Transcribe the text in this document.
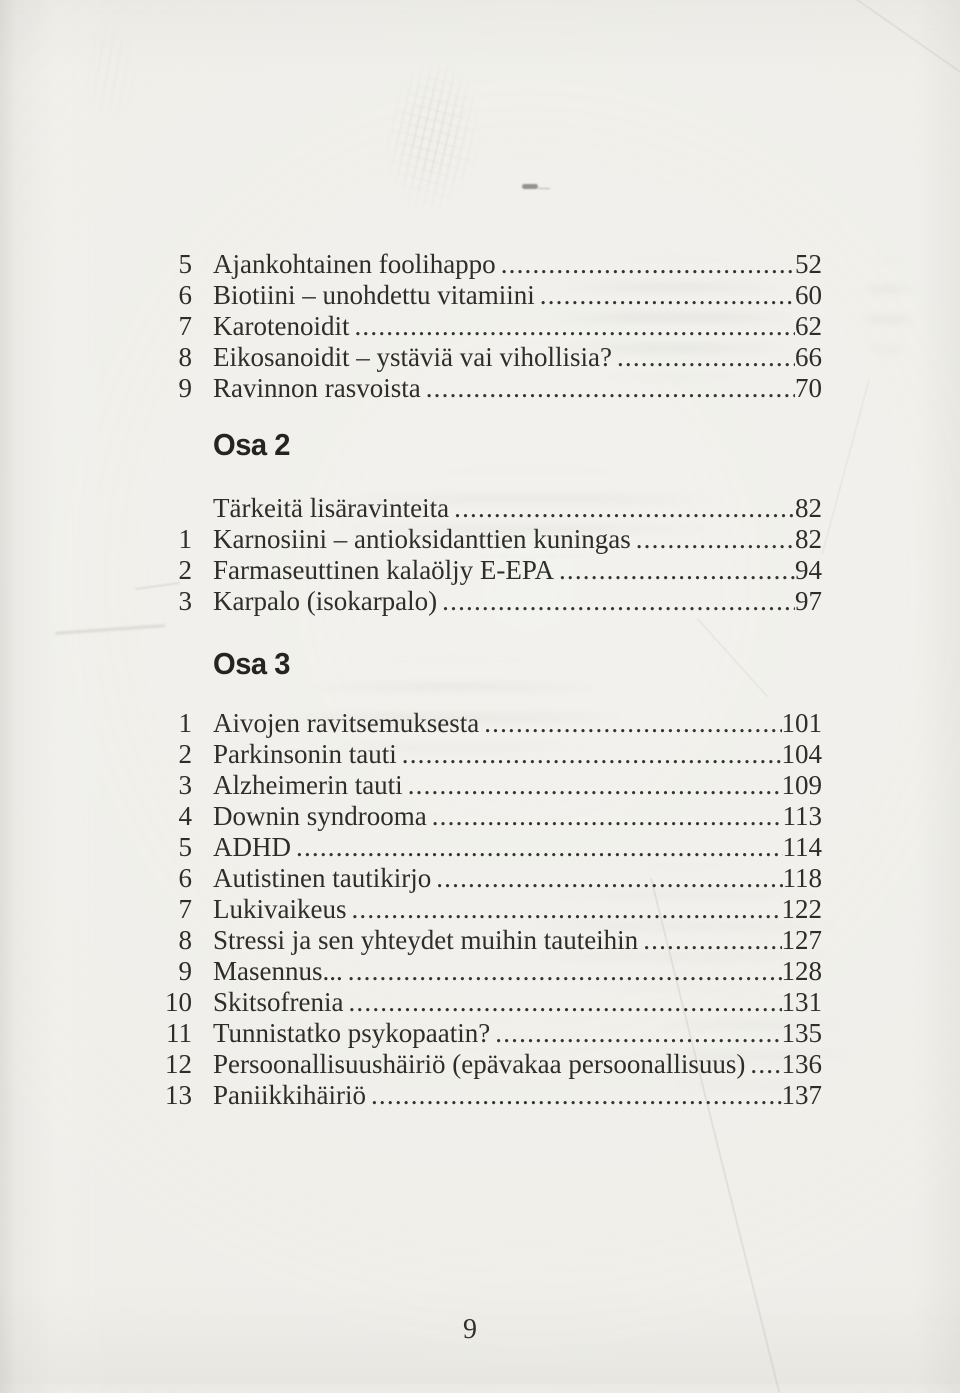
5 Ajankohtainen foolihappo .....	52
6 Biotiini – unohdettu vitamiini .....	60
7 Karotenoidit .....	62
8 Eikosanoidit – ystäviä vai vihollisia? .....	66
9 Ravinnon rasvoista .....	70
Osa 2
Tärkeitä lisäravinteita .....	82
1 Karnosiini – antioksidanttien kuningas .....	82
2 Farmaseuttinen kalaöljy E-EPA .....	94
3 Karpalo (isokarpalo) .....	97
Osa 3
1 Aivojen ravitsemuksesta .....	101
2 Parkinsonin tauti .....	104
3 Alzheimerin tauti .....	109
4 Downin syndrooma .....	113
5 ADHD .....	114
6 Autistinen tautikirjo .....	118
7 Lukivaikeus .....	122
8 Stressi ja sen yhteydet muihin tauteihin .....	127
9 Masennus... .....	128
10 Skitsofrenia .....	131
11 Tunnistatko psykopaatin? .....	135
12 Persoonallisuushäiriö (epävakaa persoonallisuus) ..... 136
13 Paniikkihäiriö .....	137
9
